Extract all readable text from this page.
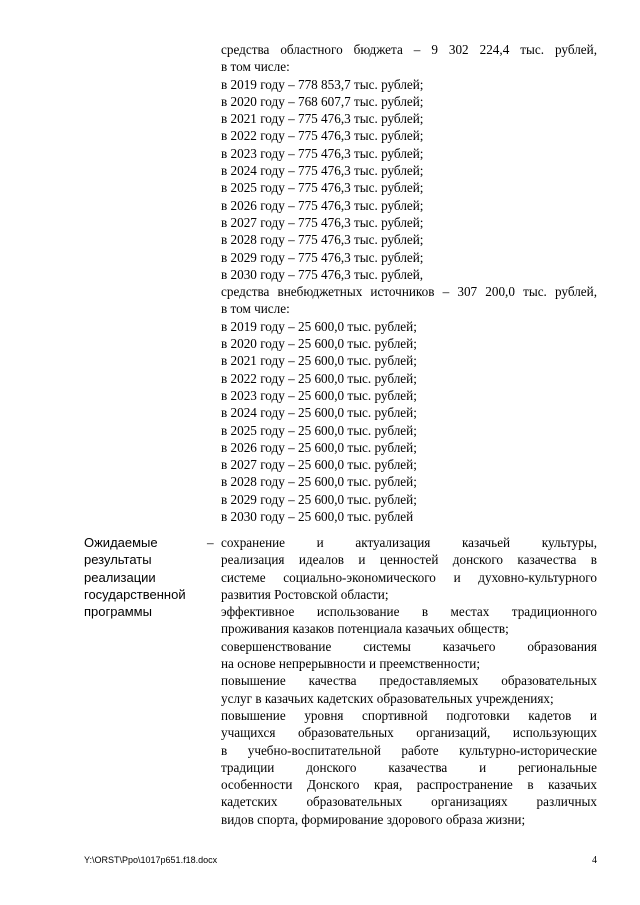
средства областного бюджета – 9 302 224,4 тыс. рублей,
в том числе:
в 2019 году – 778 853,7 тыс. рублей;
в 2020 году – 768 607,7 тыс. рублей;
в 2021 году – 775 476,3 тыс. рублей;
в 2022 году – 775 476,3 тыс. рублей;
в 2023 году – 775 476,3 тыс. рублей;
в 2024 году – 775 476,3 тыс. рублей;
в 2025 году – 775 476,3 тыс. рублей;
в 2026 году – 775 476,3 тыс. рублей;
в 2027 году – 775 476,3 тыс. рублей;
в 2028 году – 775 476,3 тыс. рублей;
в 2029 году – 775 476,3 тыс. рублей;
в 2030 году – 775 476,3 тыс. рублей,
средства внебюджетных источников – 307 200,0 тыс. рублей,
в том числе:
в 2019 году – 25 600,0 тыс. рублей;
в 2020 году – 25 600,0 тыс. рублей;
в 2021 году – 25 600,0 тыс. рублей;
в 2022 году – 25 600,0 тыс. рублей;
в 2023 году – 25 600,0 тыс. рублей;
в 2024 году – 25 600,0 тыс. рублей;
в 2025 году – 25 600,0 тыс. рублей;
в 2026 году – 25 600,0 тыс. рублей;
в 2027 году – 25 600,0 тыс. рублей;
в 2028 году – 25 600,0 тыс. рублей;
в 2029 году – 25 600,0 тыс. рублей;
в 2030 году – 25 600,0 тыс. рублей
Ожидаемые
результаты
реализации
государственной
программы
– сохранение и актуализация казачьей культуры,
реализация идеалов и ценностей донского казачества в
системе социально-экономического и духовно-культурного
развития Ростовской области;
эффективное использование в местах традиционного
проживания казаков потенциала казачьих обществ;
совершенствование системы казачьего образования
на основе непрерывности и преемственности;
повышение качества предоставляемых образовательных
услуг в казачьих кадетских образовательных учреждениях;
повышение уровня спортивной подготовки кадетов и
учащихся образовательных организаций, использующих
в учебно-воспитательной работе культурно-исторические
традиции донского казачества и региональные
особенности Донского края, распространение в казачьих
кадетских образовательных организациях различных
видов спорта, формирование здорового образа жизни;
Y:\ORST\Ppo\1017p651.f18.docx	4
